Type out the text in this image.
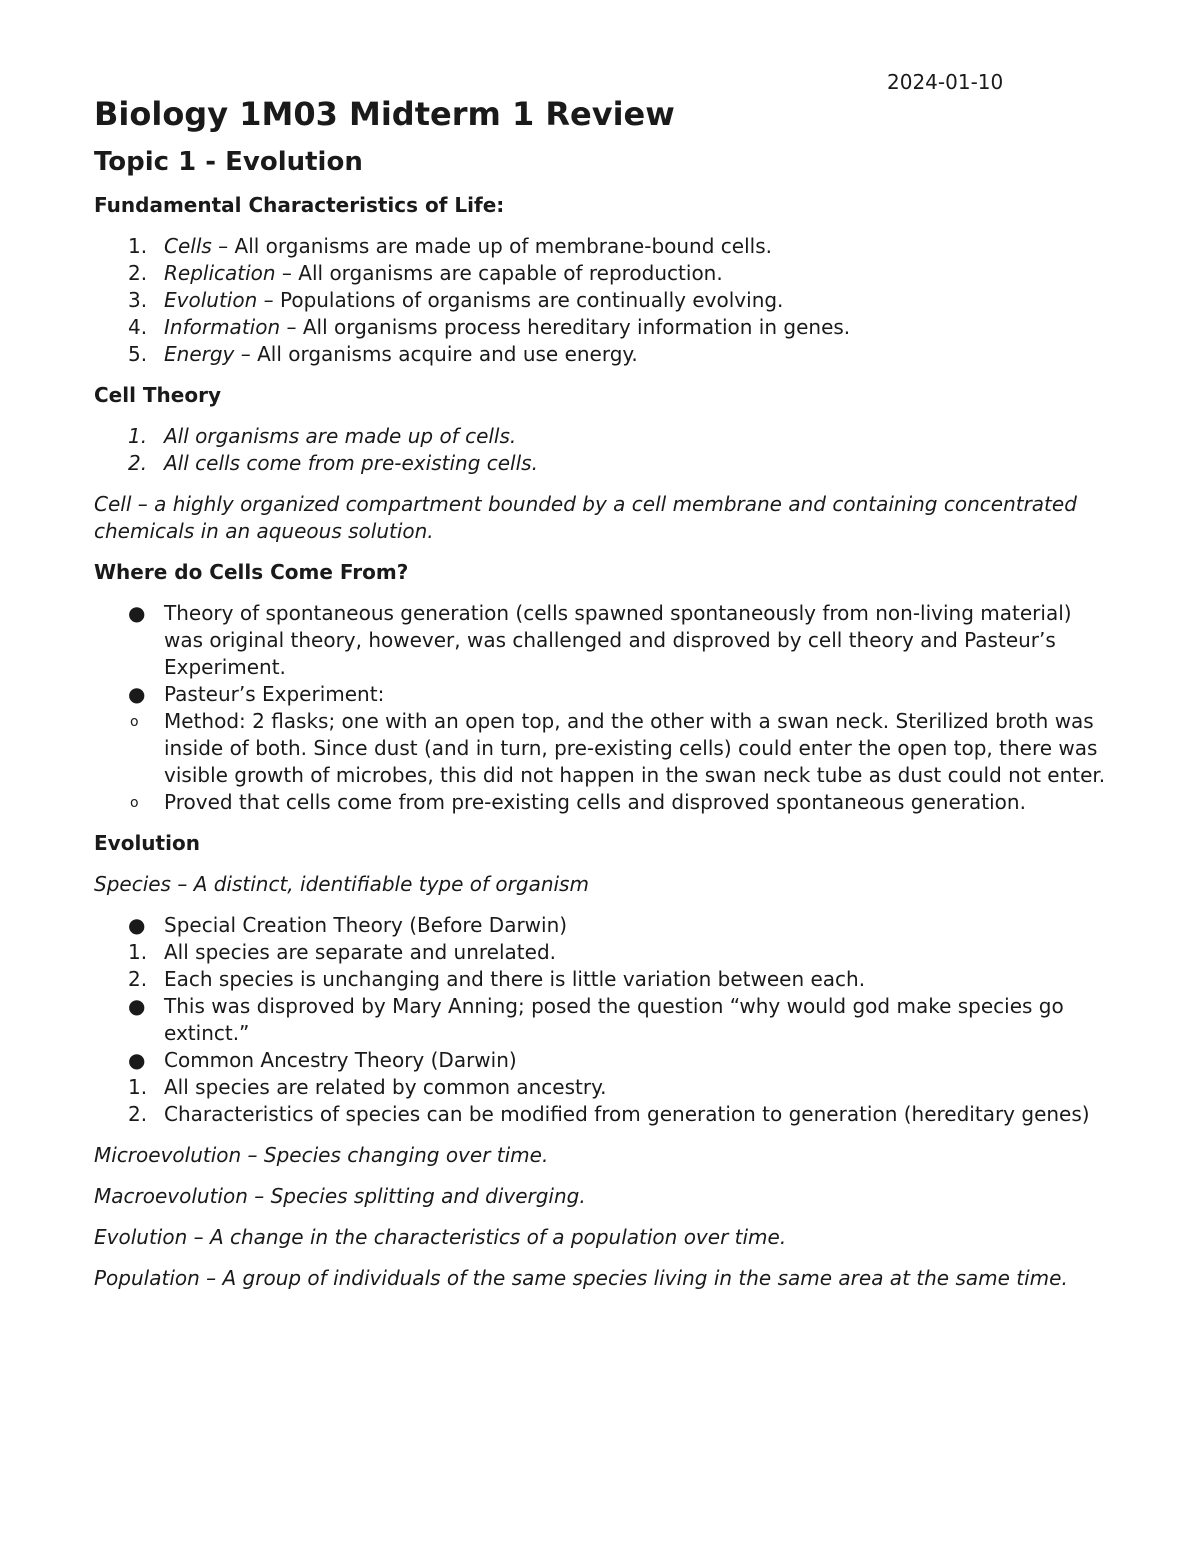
2024-01-10
Biology 1M03 Midterm 1 Review
Topic 1 - Evolution
Fundamental Characteristics of Life:
1. Cells – All organisms are made up of membrane-bound cells.
2. Replication – All organisms are capable of reproduction.
3. Evolution – Populations of organisms are continually evolving.
4. Information – All organisms process hereditary information in genes.
5. Energy – All organisms acquire and use energy.
Cell Theory
1. All organisms are made up of cells.
2. All cells come from pre-existing cells.

Cell – a highly organized compartment bounded by a cell membrane and containing concentrated chemicals in an aqueous solution.

Where do Cells Come From?
● Theory of spontaneous generation (cells spawned spontaneously from non-living material) was original theory, however, was challenged and disproved by cell theory and Pasteur’s Experiment.
● Pasteur’s Experiment:
o Method: 2 flasks; one with an open top, and the other with a swan neck. Sterilized broth was inside of both. Since dust (and in turn, pre-existing cells) could enter the open top, there was visible growth of microbes, this did not happen in the swan neck tube as dust could not enter.
o Proved that cells come from pre-existing cells and disproved spontaneous generation.
Evolution

Species – A distinct, identifiable type of organism

● Special Creation Theory (Before Darwin)
1. All species are separate and unrelated.
2. Each species is unchanging and there is little variation between each.
● This was disproved by Mary Anning; posed the question “why would god make species go extinct.”
● Common Ancestry Theory (Darwin)
1. All species are related by common ancestry.
2. Characteristics of species can be modified from generation to generation (hereditary genes)

Microevolution – Species changing over time.

Macroevolution – Species splitting and diverging.

Evolution – A change in the characteristics of a population over time.

Population – A group of individuals of the same species living in the same area at the same time.
